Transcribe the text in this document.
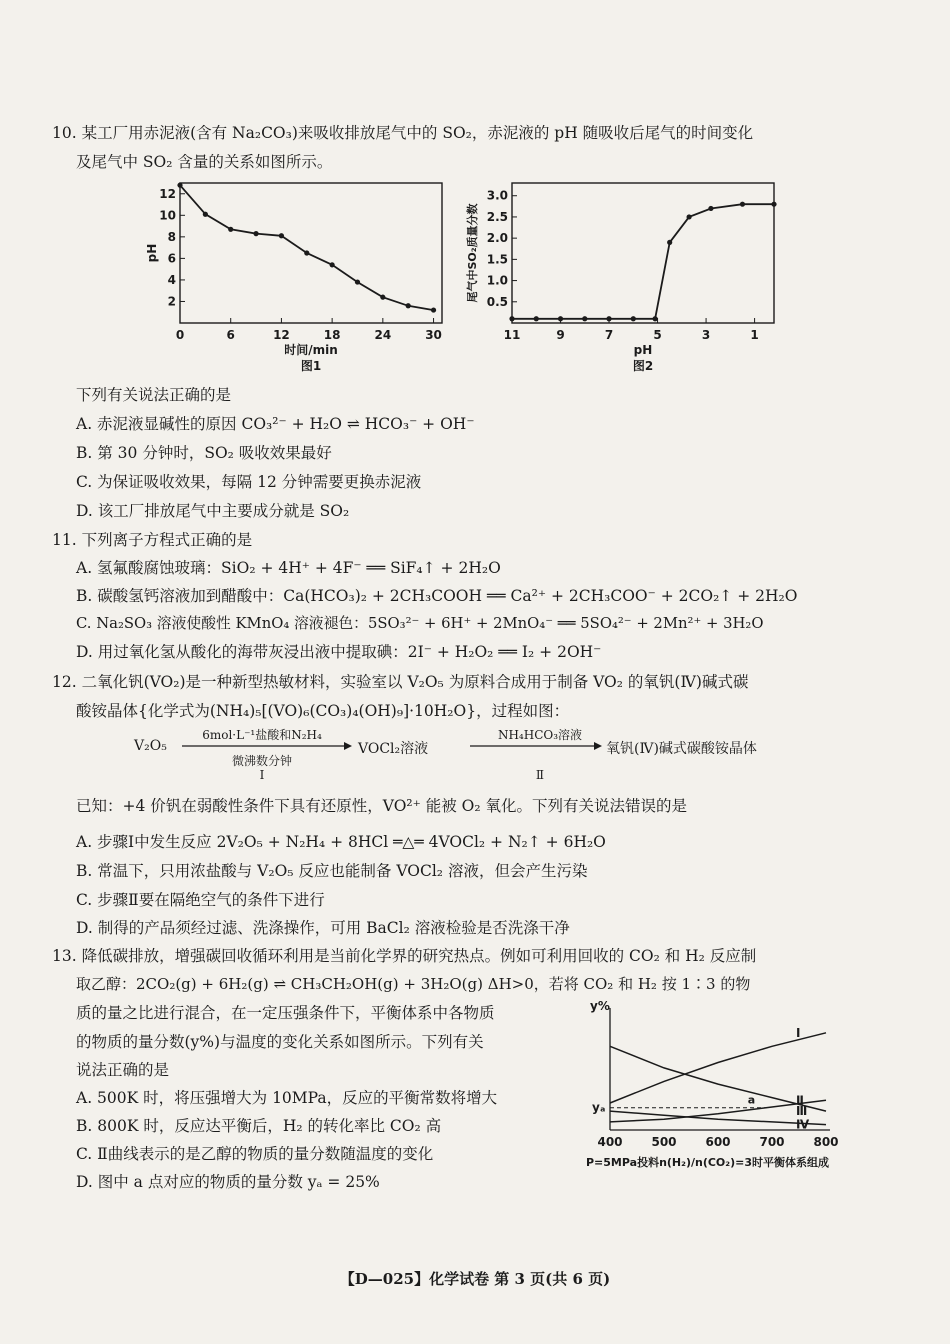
10. 某工厂用赤泥液(含有 Na₂CO₃)来吸收排放尾气中的 SO₂，赤泥液的 pH 随吸收后尾气的时间变化
及尾气中 SO₂ 含量的关系如图所示。
0	6	12	18	24	30
2
4
6
8
10
12
时间/min
图1
pH
11	9	7	5	3	1
0.5
1.0
1.5
2.0
2.5
3.0
pH
图2
尾气中SO₂质量分数
下列有关说法正确的是
A. 赤泥液显碱性的原因 CO₃²⁻ + H₂O ⇌ HCO₃⁻ + OH⁻
B. 第 30 分钟时，SO₂ 吸收效果最好
C. 为保证吸收效果，每隔 12 分钟需要更换赤泥液
D. 该工厂排放尾气中主要成分就是 SO₂
11. 下列离子方程式正确的是
A. 氢氟酸腐蚀玻璃：SiO₂ + 4H⁺ + 4F⁻ ══ SiF₄↑ + 2H₂O
B. 碳酸氢钙溶液加到醋酸中：Ca(HCO₃)₂ + 2CH₃COOH ══ Ca²⁺ + 2CH₃COO⁻ + 2CO₂↑ + 2H₂O
C. Na₂SO₃ 溶液使酸性 KMnO₄ 溶液褪色：5SO₃²⁻ + 6H⁺ + 2MnO₄⁻ ══ 5SO₄²⁻ + 2Mn²⁺ + 3H₂O
D. 用过氧化氢从酸化的海带灰浸出液中提取碘：2I⁻ + H₂O₂ ══ I₂ + 2OH⁻
12. 二氧化钒(VO₂)是一种新型热敏材料，实验室以 V₂O₅ 为原料合成用于制备 VO₂ 的氧钒(Ⅳ)碱式碳
酸铵晶体{化学式为(NH₄)₅[(VO)₆(CO₃)₄(OH)₉]·10H₂O}，过程如图：
V₂O₅
6mol·L⁻¹盐酸和N₂H₄
微沸数分钟
Ⅰ
VOCl₂溶液
NH₄HCO₃溶液
Ⅱ
氧钒(Ⅳ)碱式碳酸铵晶体
已知：+4 价钒在弱酸性条件下具有还原性，VO²⁺ 能被 O₂ 氧化。下列有关说法错误的是
A. 步骤Ⅰ中发生反应 2V₂O₅ + N₂H₄ + 8HCl ═△═ 4VOCl₂ + N₂↑ + 6H₂O
B. 常温下，只用浓盐酸与 V₂O₅ 反应也能制备 VOCl₂ 溶液，但会产生污染
C. 步骤Ⅱ要在隔绝空气的条件下进行
D. 制得的产品须经过滤、洗涤操作，可用 BaCl₂ 溶液检验是否洗涤干净
13. 降低碳排放，增强碳回收循环利用是当前化学界的研究热点。例如可利用回收的 CO₂ 和 H₂ 反应制
取乙醇：2CO₂(g) + 6H₂(g) ⇌ CH₃CH₂OH(g) + 3H₂O(g) ΔH>0，若将 CO₂ 和 H₂ 按 1∶3 的物
质的量之比进行混合，在一定压强条件下，平衡体系中各物质
的物质的量分数(y%)与温度的变化关系如图所示。下列有关
说法正确的是
A. 500K 时，将压强增大为 10MPa，反应的平衡常数将增大
B. 800K 时，反应达平衡后，H₂ 的转化率比 CO₂ 高
C. Ⅱ曲线表示的是乙醇的物质的量分数随温度的变化
D. 图中 a 点对应的物质的量分数 yₐ = 25%
y%
400 500 600 700 800
Ⅰ
Ⅱ
Ⅲ
Ⅳ
yₐ
a
P=5MPa投料n(H₂)/n(CO₂)=3时平衡体系组成
【D—025】化学试卷 第 3 页(共 6 页)
